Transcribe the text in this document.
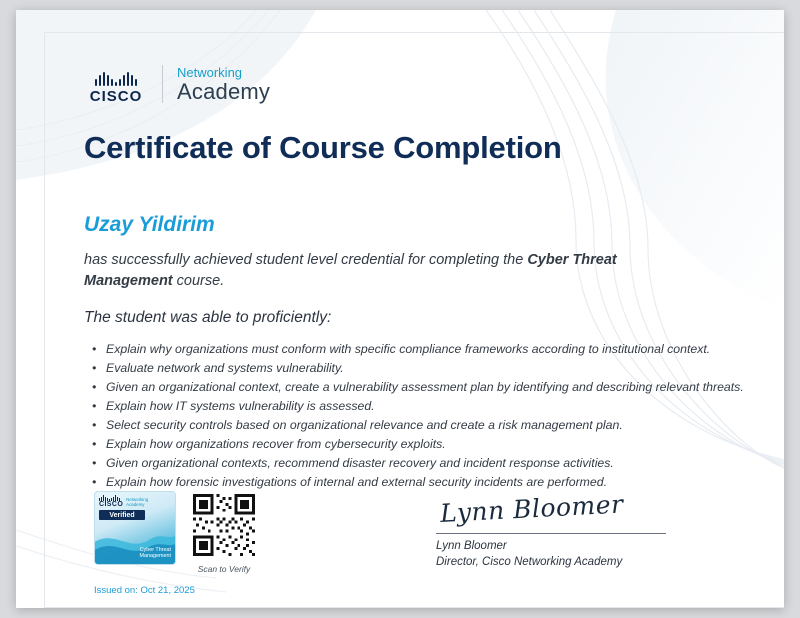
CISCO
Networking
Academy
Certificate of Course Completion
Uzay Yildirim
has successfully achieved student level credential for completing the Cyber Threat Management course.
The student was able to proficiently:
• Explain why organizations must conform with specific compliance frameworks according to institutional context.
• Evaluate network and systems vulnerability.
• Given an organizational context, create a vulnerability assessment plan by identifying and describing relevant threats.
• Explain how IT systems vulnerability is assessed.
• Select security controls based on organizational relevance and create a risk management plan.
• Explain how organizations recover from cybersecurity exploits.
• Given organizational contexts, recommend disaster recovery and incident response activities.
• Explain how forensic investigations of internal and external security incidents are performed.
CISCO
Networking
Academy
Verified
Cyber Threat Management
Scan to Verify
Lynn Bloomer
Lynn Bloomer
Director, Cisco Networking Academy
Issued on: Oct 21, 2025
